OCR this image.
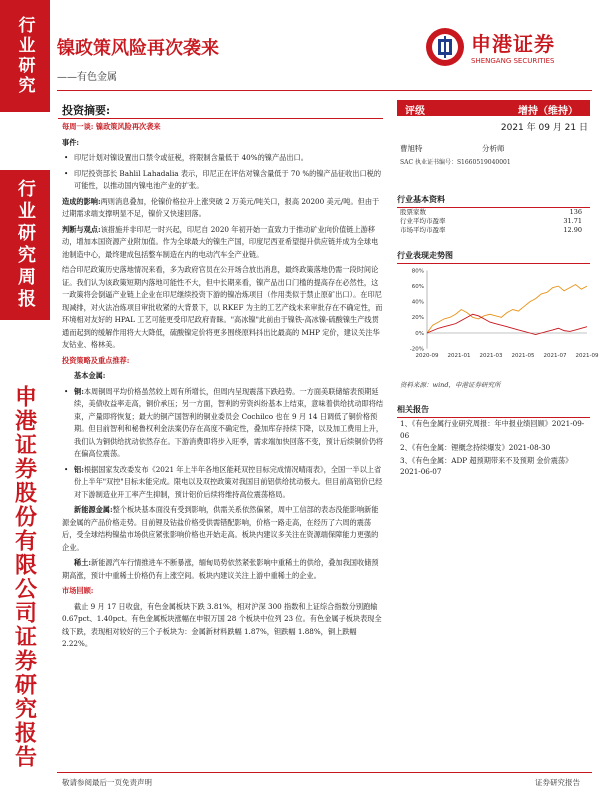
行业研究
行业研究周报
申港证券股份有限公司证券研究报告
镍政策风险再次袭来
——有色金属
申港证券
SHENGANG SECURITIES
投资摘要:

每周一谈: 镍政策风险再次袭来

事件:

• 印尼计划对镍设置出口禁令或征税，将限制含量低于 40%的镍产品出口。

• 印尼投资部长 Bahlil Lahadalia 表示，印尼正在评估对镍含量低于 70 %的镍产品征收出口税的可能性，以推动国内镍电池产业的扩张。

造成的影响:两则消息叠加，伦镍价格拉升上涨突破 2 万美元/吨关口，报高 20200 美元/吨。但由于过期需求端支撑明显不足，镍价又快速回落。

判断与观点:该措施并非印尼一时兴起，印尼自 2020 年初开始一直致力于推动矿业向价值链上游移动，增加本国资源产业附加值。作为全球最大的镍生产国，印度尼西亚希望提升供应链并成为全球电池制造中心，最终建成包括整车制造在内的电动汽车全产业链。

结合印尼政策历史落地情况来看，多为政府官员在公开场合放出消息，最终政策落地仍需一段时间论证。我们认为该政策短期内落地可能性不大，但中长期来看，镍产品出口门槛的提高存在必然性，这一政策将会倒逼产业链上企业在印尼继续投资下游的镍冶炼项目（作用类似于禁止原矿出口）。在印尼现减排，对火法冶炼项目审批收紧的大背景下，以 RKEF 为主的工艺产线未来审批存在不确定性，而环境相对友好的 HPAL 工艺可能更受印尼政府青睐。"高冰镍"此前由于镍铁-高冰镍-硫酸镍生产线贯通而起到的缓解作用将大大降低，硫酸镍定价将更多围绕原料抖出比最高的 MHP 定价，建议关注华友钴业、格林美。

投资策略及重点推荐:

基本金属:

• 铜:本周铜周平均价格虽然较上周有所增长，但周内呈现震荡下跌趋势。一方面美联储缩表预期延续，美债收益率走高，铜价承压；另一方面，智利的劳资纠纷基本上结束，意味着供给扰动即将结束，产量即将恢复；最大的铜产国智利的铜业委员会 Cochilco 也在 9 月 14 日调低了铜价格预期。但目前智利和秘鲁权利金法案仍存在高度不确定性，叠加库存持续下降，以及加工费用上升，我们认为铜供给扰动依然存在。下游消费即将步入旺季，需求端加快回落不变，预计后续铜价仍将在偏高位震荡。

• 铝:根据国家发改委发布《2021 年上半年各地区能耗双控目标完成情况晴雨表》，全国一半以上省份上半年"双控"目标未能完成。限电以及双控政策对我国目前铝供给扰动极大。但目前高铝价已经对下游制造业开工率产生抑制，预计铝价后续将维持高位震荡格局。

新能源金属:整个板块基本面没有受到影响，供需关系依然偏紧，周中工信部的表态没能影响新能源金属的产品价格走势。目前锂及钴盐价格受供需错配影响，价格一路走高，在经历了六周的震荡后，受全球结构镍盐市场供应紧张影响价格也开始走高。板块内建议多关注在资源端保障能力更强的企业。

稀土:新能源汽车行情推进车不断暴涨，缅甸局势依然紧张影响中重稀土的供给，叠加我国收储预期高涨，预计中重稀土价格仍有上涨空间。板块内建议关注上游中重稀土的企业。

市场回顾:

截止 9 月 17 日收盘，有色金属板块下跌 3.81%，相对沪深 300 指数和上证综合指数分别跑输 0.67pct、1.40pct。有色金属板块涨幅在申银万国 28 个板块中位列 23 位。有色金属子板块表现全线下跌，表现相对较好的三个子板块为：金属新材料跌幅 1.87%，钽跌幅 1.88%，铜上跌幅 2.22%。

评级	增持（维持）
2021 年 09 月 21 日
曹旭特	分析师
SAC 执业证书编号：S1660519040001
行业基本资料
股票家数	136
行业平均市盈率	31.71
市场平均市盈率	12.90
行业表现走势图
80%
60%
40%
20%
0%
-20%
2020-09 2021-01 2021-03 2021-05 2021-07 2021-09
资料来源：wind，申港证券研究所
相关报告
1、《有色金属行业研究周报：年中报业绩回顾》2021-09-06
2、《有色金属：锂概念持续爆发》2021-08-30
3、《有色金属：ADP 超预期带来不及预期 金价震荡》2021-06-07
敬请参阅最后一页免责声明	证券研究报告
